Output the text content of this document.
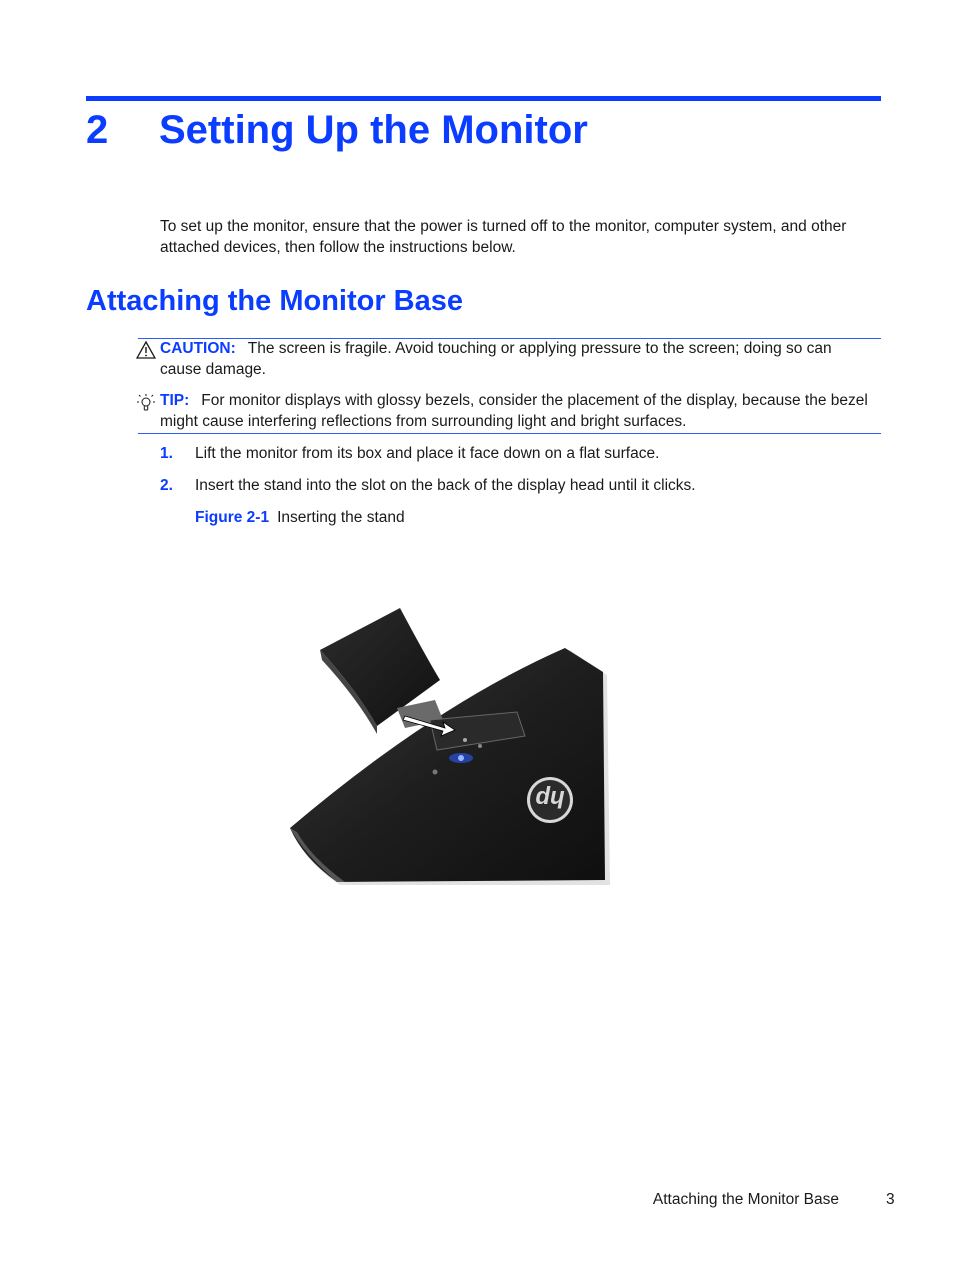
2 Setting Up the Monitor
To set up the monitor, ensure that the power is turned off to the monitor, computer system, and other attached devices, then follow the instructions below.
Attaching the Monitor Base
CAUTION: The screen is fragile. Avoid touching or applying pressure to the screen; doing so can cause damage.
TIP: For monitor displays with glossy bezels, consider the placement of the display, because the bezel might cause interfering reflections from surrounding light and bright surfaces.
1. Lift the monitor from its box and place it face down on a flat surface.
2. Insert the stand into the slot on the back of the display head until it clicks.
Figure 2-1 Inserting the stand
hp
Attaching the Monitor Base	3
